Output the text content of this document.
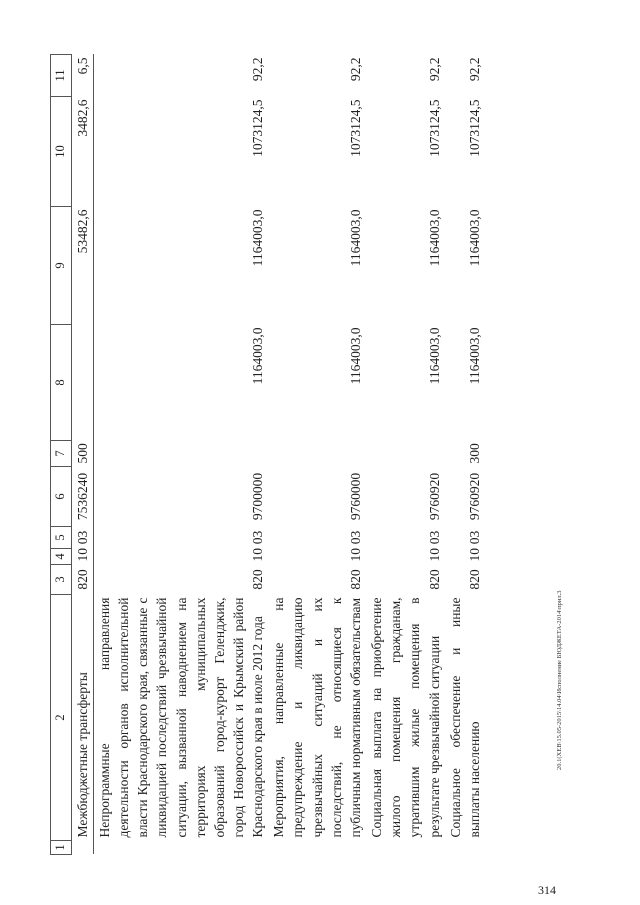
1	2	3	4	5	6	7	8	9	10	11
	Межбюджетные трансферты	820	10	03	7536240	500		53482,6	3482,6	6,5
	Непрограммные направления деятельности органов исполнительной власти Краснодарского края, связанные с ликвидацией последствий чрезвычайной ситуации, вызванной наводнением на территориях муниципальных образований город-курорт Геленджик, город Новороссийск и Крымский район Краснодарского края в июле 2012 года	820	10	03	9700000		1164003,0	1164003,0	1073124,5	92,2
	Мероприятия, направленные на предупреждение и ликвидацию чрезвычайных ситуаций и их последствий, не относящиеся к публичным нормативным обязательствам	820	10	03	9760000		1164003,0	1164003,0	1073124,5	92,2
	Социальная выплата на приобретение жилого помещения гражданам, утратившим жилые помещения в результате чрезвычайной ситуации	820	10	03	9760920		1164003,0	1164003,0	1073124,5	92,2
	Социальное обеспечение и иные выплаты населению	820	10	03	9760920	300	1164003,0	1164003,0	1073124,5	92,2
314
20.1(XEB\15.05-2015\14.04\Исполнение БЮДЖЕТА-2014\прил.3
